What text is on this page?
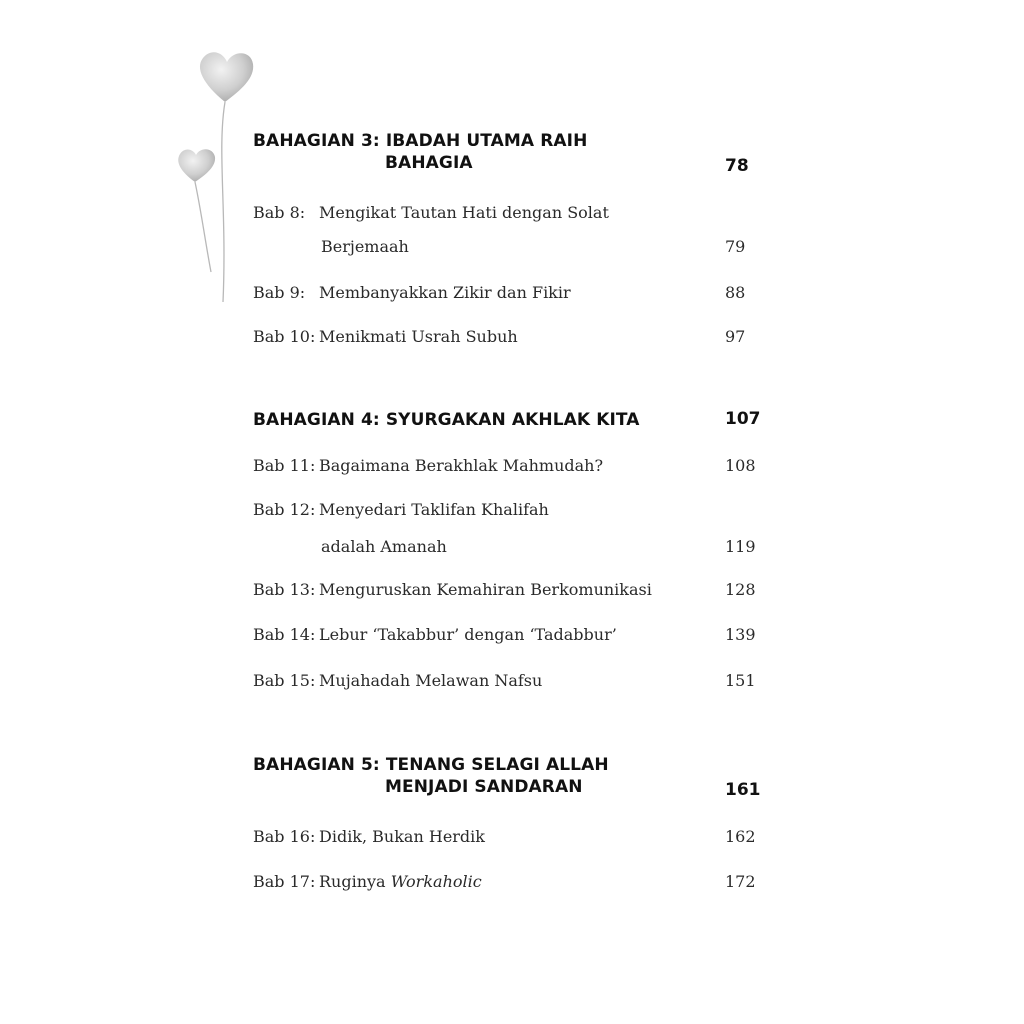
BAHAGIAN 3: IBADAH UTAMA RAIH
BAHAGIA	78
Bab 8: Mengikat Tautan Hati dengan Solat
Berjemaah	79
Bab 9: Membanyakkan Zikir dan Fikir	88
Bab 10: Menikmati Usrah Subuh	97
BAHAGIAN 4: SYURGAKAN AKHLAK KITA	107
Bab 11: Bagaimana Berakhlak Mahmudah?	108
Bab 12: Menyedari Taklifan Khalifah
adalah Amanah	119
Bab 13: Menguruskan Kemahiran Berkomunikasi	128
Bab 14: Lebur ‘Takabbur’ dengan ‘Tadabbur’	139
Bab 15: Mujahadah Melawan Nafsu	151
BAHAGIAN 5: TENANG SELAGI ALLAH
MENJADI SANDARAN	161
Bab 16: Didik, Bukan Herdik	162
Bab 17: Ruginya Workaholic	172
